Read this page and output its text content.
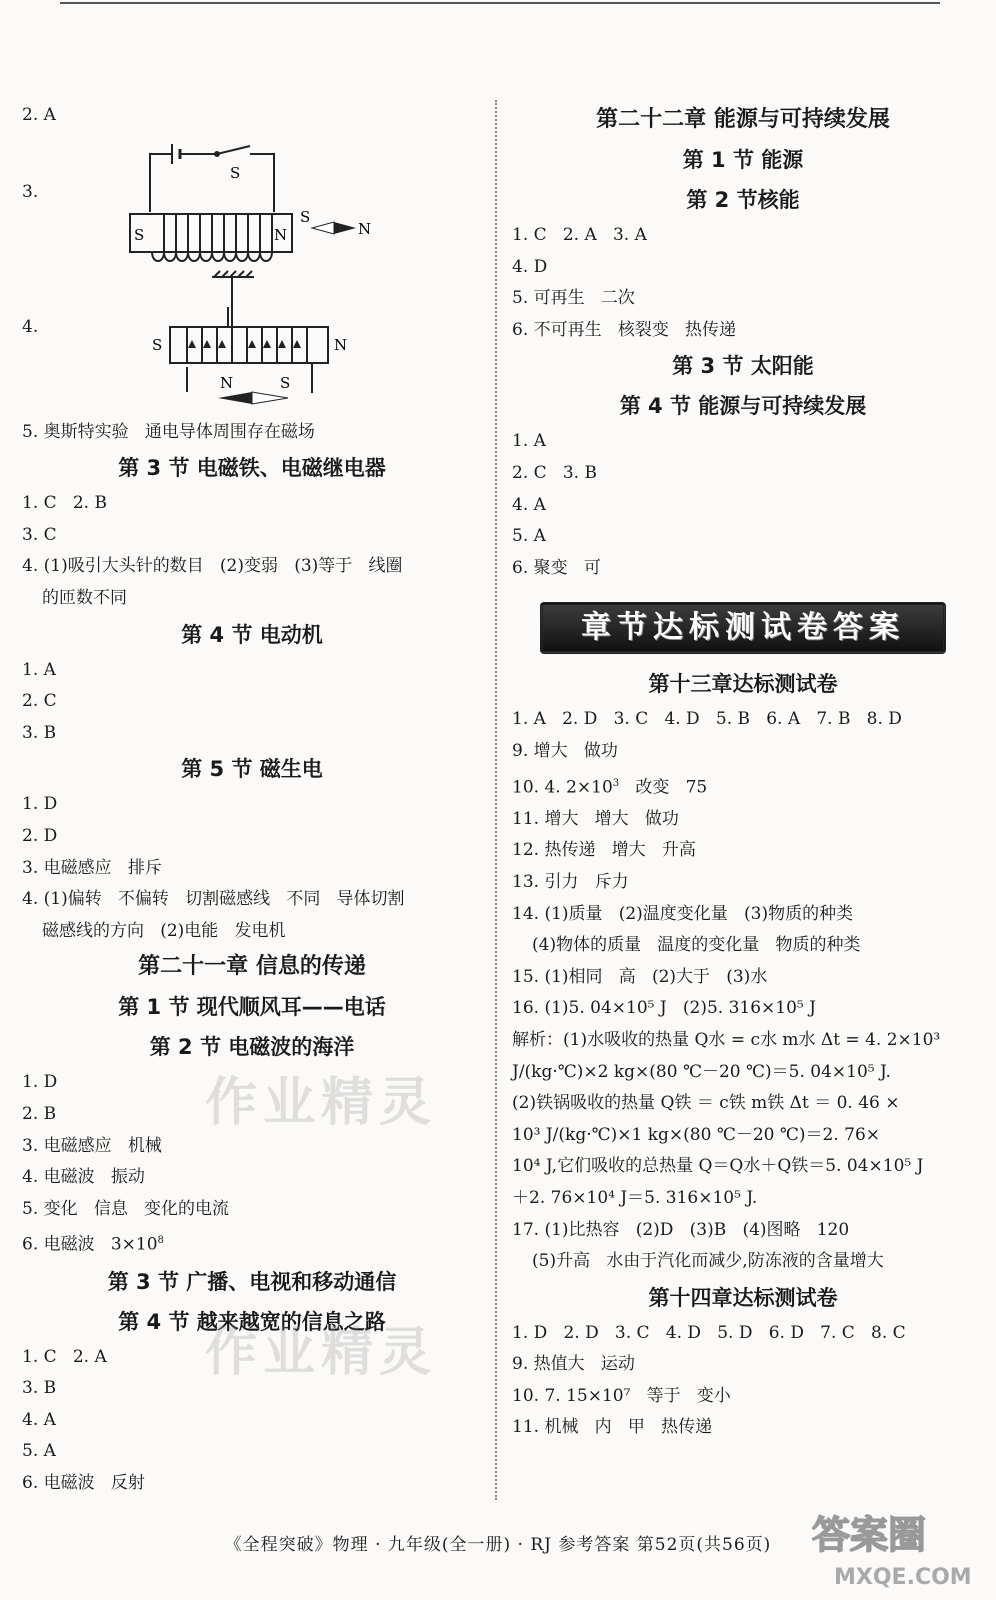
2. A
3.
4.
S
S	N
S
N
S	N
N	S
5. 奥斯特实验   通电导体周围存在磁场
第 3 节 电磁铁、电磁继电器
1. C   2. B
3. C
4. (1)吸引大头针的数目   (2)变弱   (3)等于   线圈
的匝数不同
第 4 节 电动机
1. A
2. C
3. B
第 5 节 磁生电
1. D
2. D
3. 电磁感应   排斥
4. (1)偏转   不偏转   切割磁感线   不同   导体切割
磁感线的方向   (2)电能   发电机
第二十一章 信息的传递
第 1 节 现代顺风耳——电话
第 2 节 电磁波的海洋
1. D
2. B
3. 电磁感应   机械
4. 电磁波   振动
5. 变化   信息   变化的电流
6. 电磁波   $3\times 10^8$
第 3 节 广播、电视和移动通信
第 4 节 越来越宽的信息之路
1. C   2. A
3. B
4. A
5. A
6. 电磁波   反射
第二十二章 能源与可持续发展
第 1 节 能源
第 2 节核能
1. C   2. A   3. A
4. D
5. 可再生   二次
6. 不可再生   核裂变   热传递
第 3 节 太阳能
第 4 节 能源与可持续发展
1. A
2. C   3. B
4. A
5. A
6. 聚变   可
章节达标测试卷答案
第十三章达标测试卷
1. A   2. D   3. C   4. D   5. B   6. A   7. B   8. D
9. 增大   做功
10. 4. $2\times 10^3$   改变   75
11. 增大   增大   做功
12. 热传递   增大   升高
13. 引力   斥力
14. (1)质量   (2)温度变化量   (3)物质的种类
(4)物体的质量   温度的变化量   物质的种类
15. (1)相同   高   (2)大于   (3)水
16. (1)5. 04×10⁵ J   (2)5. 316×10⁵ J
解析：(1)水吸收的热量 Q水 = c水 m水 Δt = 4. 2×10³
J/(kg·℃)×2 kg×(80 ℃－20 ℃)＝5. 04×10⁵ J.
(2)铁锅吸收的热量 Q铁 ＝ c铁 m铁 Δt ＝ 0. 46 ×
10³ J/(kg·℃)×1 kg×(80 ℃－20 ℃)＝2. 76×
10⁴ J,它们吸收的总热量 Q＝Q水＋Q铁＝5. 04×10⁵ J
＋2. 76×10⁴ J＝5. 316×10⁵ J.
17. (1)比热容   (2)D   (3)B   (4)图略   120
(5)升高   水由于汽化而减少,防冻液的含量增大
第十四章达标测试卷
1. D   2. D   3. C   4. D   5. D   6. D   7. C   8. C
9. 热值大   运动
10. 7. 15×10⁷   等于   变小
11. 机械   内   甲   热传递
作业精灵
作业精灵
《全程突破》物理 · 九年级(全一册) · RJ 参考答案 第52页(共56页)	答案圈
MXQE.COM
